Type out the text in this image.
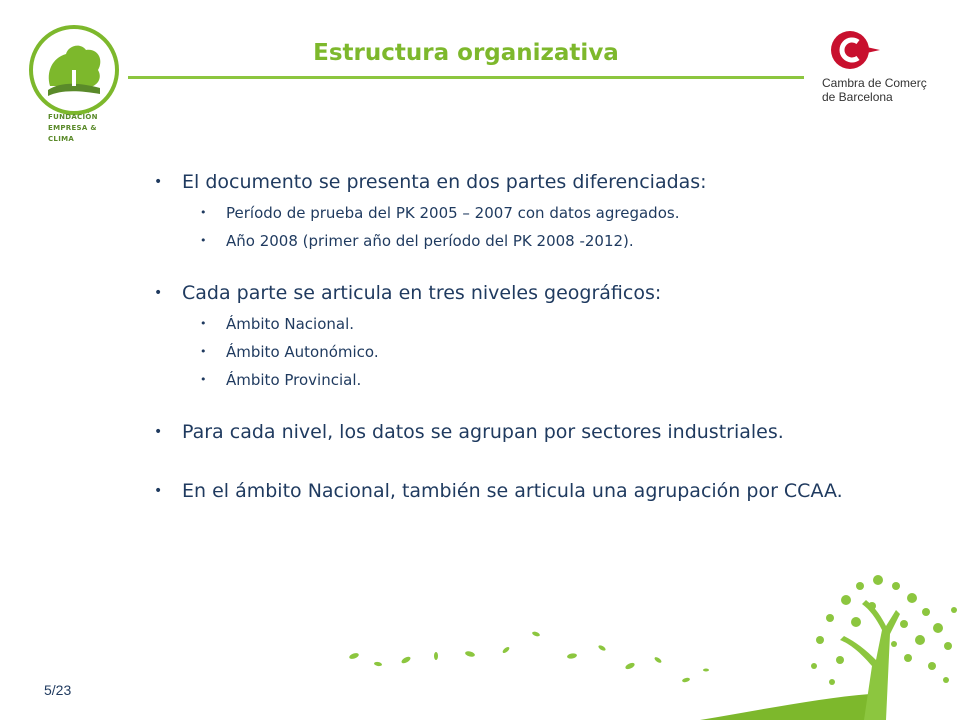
FUNDACIÓN
EMPRESA &
CLIMA
Estructura organizativa
Cambra de Comerç
de Barcelona

• El documento se presenta en dos partes diferenciadas:

• Período de prueba del PK 2005 – 2007 con datos agregados.

• Año 2008 (primer año del período del PK 2008 -2012).

• Cada parte se articula en tres niveles geográficos:

• Ámbito Nacional.

• Ámbito Autonómico.

• Ámbito Provincial.

• Para cada nivel, los datos se agrupan por sectores industriales.

• En el ámbito Nacional, también se articula una agrupación por CCAA.

5/23
